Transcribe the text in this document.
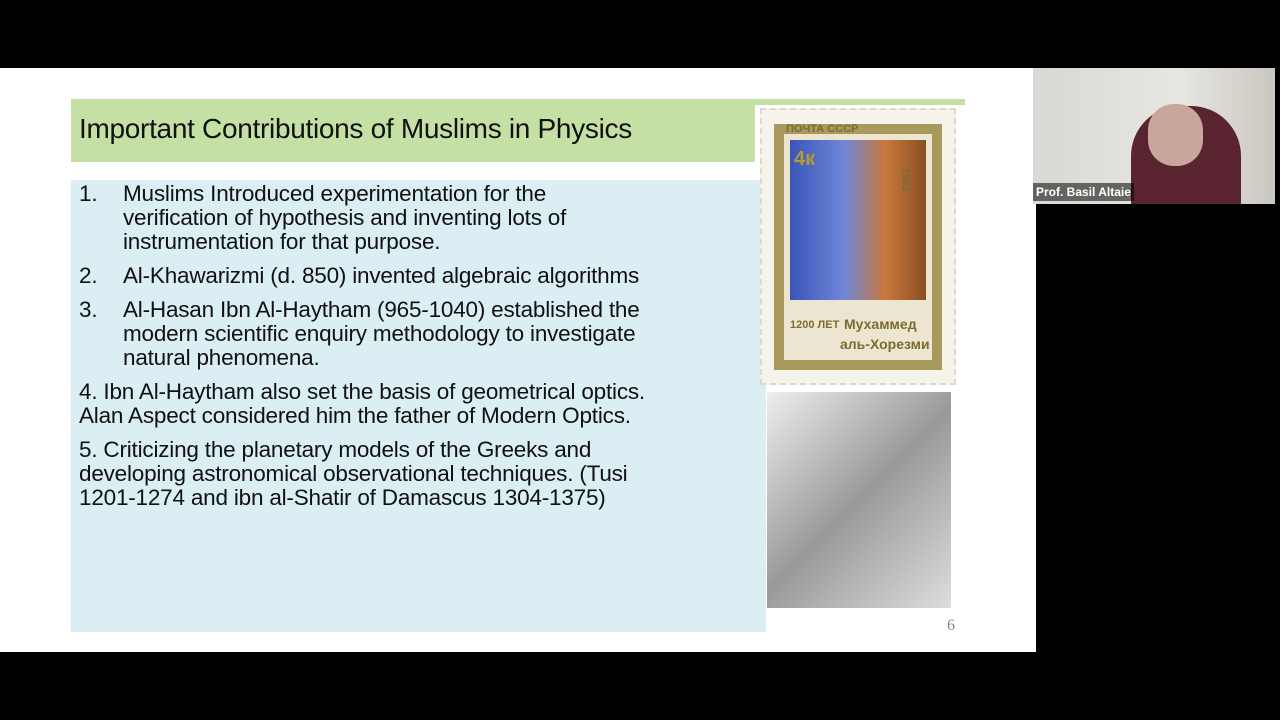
Important Contributions of Muslims in Physics
1. Muslims Introduced experimentation for the
verification of hypothesis and inventing lots of
instrumentation for that purpose.
2. Al-Khawarizmi (d. 850) invented algebraic algorithms
3. Al-Hasan Ibn Al-Haytham (965-1040) established the
modern scientific enquiry methodology to investigate
natural phenomena.
4. Ibn Al-Haytham also set the basis of geometrical optics.
Alan Aspect considered him the father of Modern Optics.
5. Criticizing the planetary models of the Greeks and
developing astronomical observational techniques. (Tusi
1201-1274 and ibn al-Shatir of Damascus 1304-1375)
ПОЧТА СССР
1983
4к
1200 ЛЕТ Мухаммед
аль-Хорезми
6
Prof. Basil Altaie
